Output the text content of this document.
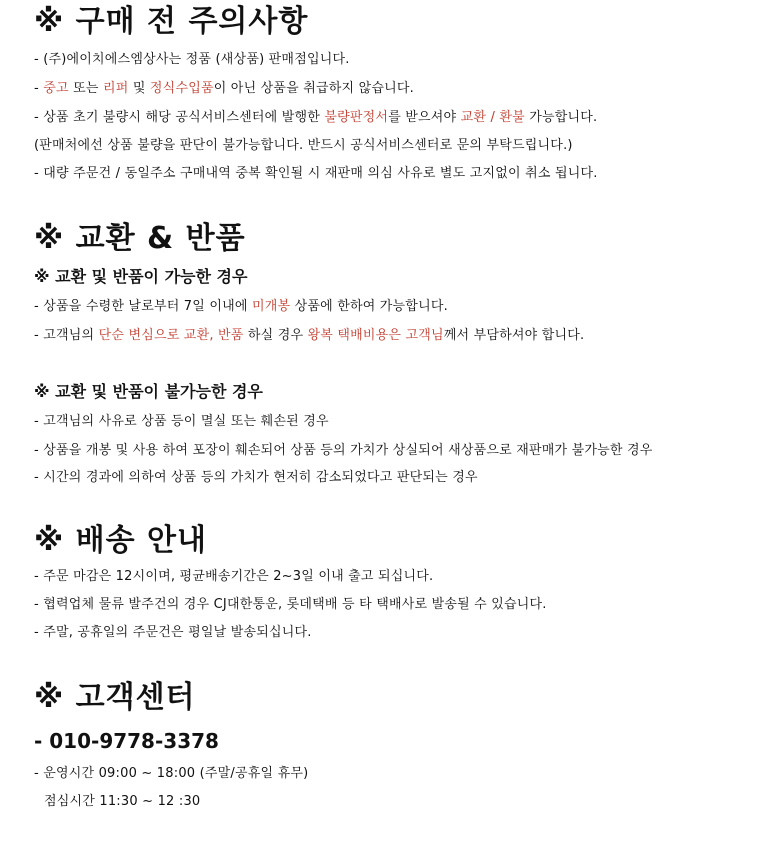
※ 구매 전 주의사항
- (주)에이치에스엠상사는 정품 (새상품) 판매점입니다.
- 중고 또는 리퍼 및 정식수입품이 아닌 상품을 취급하지 않습니다.
- 상품 초기 불량시 해당 공식서비스센터에 발행한 불량판정서를 받으셔야 교환 / 환불 가능합니다.
(판매처에선 상품 불량을 판단이 불가능합니다. 반드시 공식서비스센터로 문의 부탁드립니다.)
- 대량 주문건 / 동일주소 구매내역 중복 확인될 시 재판매 의심 사유로 별도 고지없이 취소 됩니다.
※ 교환 & 반품
※ 교환 및 반품이 가능한 경우
- 상품을 수령한 날로부터 7일 이내에 미개봉 상품에 한하여 가능합니다.
- 고객님의 단순 변심으로 교환, 반품 하실 경우 왕복 택배비용은 고객님께서 부담하셔야 합니다.
※ 교환 및 반품이 불가능한 경우
- 고객님의 사유로 상품 등이 멸실 또는 훼손된 경우
- 상품을 개봉 및 사용 하여 포장이 훼손되어 상품 등의 가치가 상실되어 새상품으로 재판매가 불가능한 경우
- 시간의 경과에 의하여 상품 등의 가치가 현저히 감소되었다고 판단되는 경우
※ 배송 안내
- 주문 마감은 12시이며, 평균배송기간은 2~3일 이내 출고 되십니다.
- 협력업체 물류 발주건의 경우 CJ대한통운, 롯데택배 등 타 택배사로 발송될 수 있습니다.
- 주말, 공휴일의 주문건은 평일날 발송되십니다.
※ 고객센터
- 010-9778-3378
- 운영시간 09:00 ~ 18:00 (주말/공휴일 휴무)
점심시간 11:30 ~ 12 :30
